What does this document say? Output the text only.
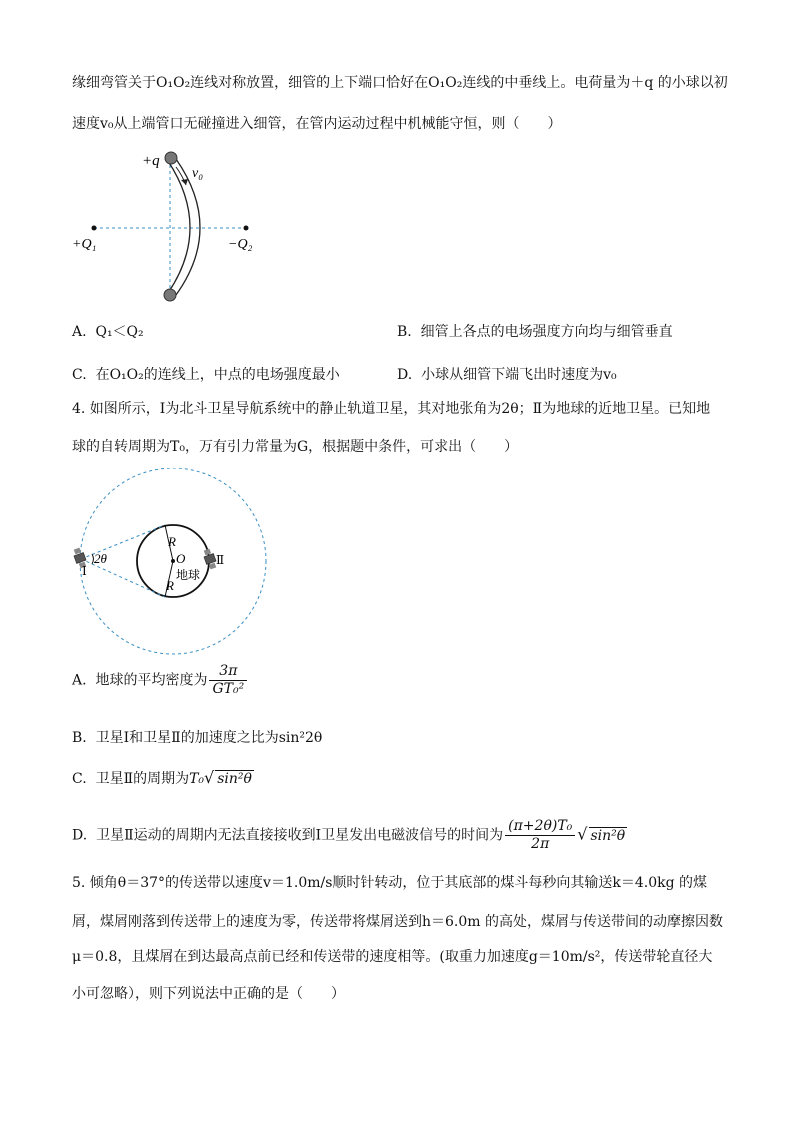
缘细弯管关于O₁O₂连线对称放置，细管的上下端口恰好在O₁O₂连线的中垂线上。电荷量为＋q 的小球以初
速度v₀从上端管口无碰撞进入细管，在管内运动过程中机械能守恒，则（　　）
+q
v₀
+Q₁	−Q₂
A. Q₁＜Q₂	B. 细管上各点的电场强度方向均与细管垂直
C. 在O₁O₂的连线上，中点的电场强度最小	D. 小球从细管下端飞出时速度为v₀
4. 如图所示，Ⅰ为北斗卫星导航系统中的静止轨道卫星，其对地张角为2θ；Ⅱ为地球的近地卫星。已知地
球的自转周期为T₀，万有引力常量为G，根据题中条件，可求出（　　）
2θ
Ⅰ
Ⅱ
R
R
O
地球
A. 地球的平均密度为 $\frac{3\pi}{\text{GT₀²}}$
B. 卫星Ⅰ和卫星Ⅱ的加速度之比为sin²2θ
C. 卫星Ⅱ的周期为T₀√ sin²θ
D. 卫星Ⅱ运动的周期内无法直接接收到Ⅰ卫星发出电磁波信号的时间为 $\frac{\text{(π+2θ)T₀}}{2\pi}$ √ sin²θ
5. 倾角θ＝37°的传送带以速度v＝1.0m/s顺时针转动，位于其底部的煤斗每秒向其输送k＝4.0kg 的煤
屑，煤屑刚落到传送带上的速度为零，传送带将煤屑送到h＝6.0m 的高处，煤屑与传送带间的动摩擦因数
μ＝0.8，且煤屑在到达最高点前已经和传送带的速度相等。(取重力加速度g＝10m/s²，传送带轮直径大
小可忽略），则下列说法中正确的是（　　）
